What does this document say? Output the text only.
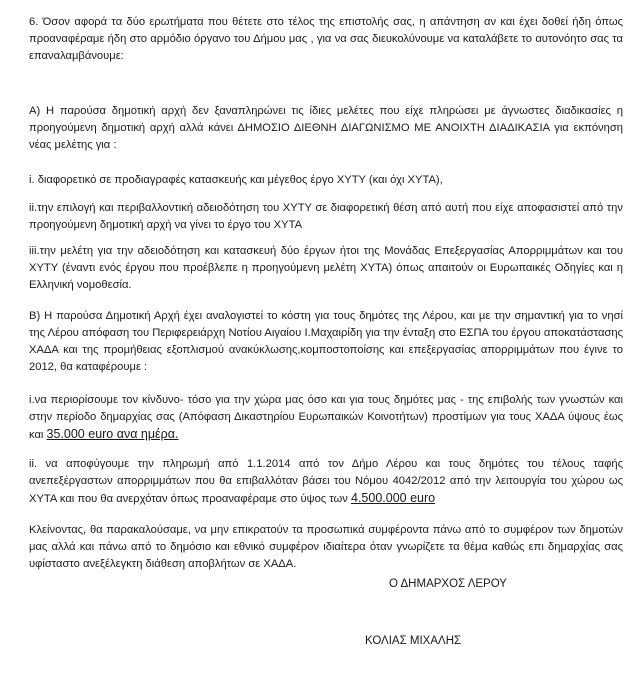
6. Όσον αφορά τα δύο ερωτήματα που θέτετε στο τέλος της επιστολής σας, η απάντηση αν και έχει δοθεί ήδη όπως προαναφέραμε ήδη στο αρμόδιο όργανο του Δήμου μας , για να σας διευκολύνουμε να καταλάβετε το αυτονόητο σας τα επαναλαμβάνουμε:

A) Η παρούσα δημοτική αρχή δεν ξαναπληρώνει τις ίδιες μελέτες που είχε πληρώσει με άγνωστες διαδικασίες η προηγούμενη δημοτική αρχή αλλά κάνει ΔΗΜΟΣΙΟ ΔΙΕΘΝΗ ΔΙΑΓΩΝΙΣΜΟ ΜΕ ΑΝΟΙΧΤΗ ΔΙΑΔΙΚΑΣΙΑ για εκπόνηση νέας μελέτης για :

i. διαφορετικό σε προδιαγραφές κατασκευής και μέγεθος έργο ΧΥΤΥ (και όχι ΧΥΤΑ),

ii.την επιλογή και περιβαλλοντική αδειοδότηση του ΧΥΤΥ σε διαφορετική θέση από αυτή που είχε αποφασιστεί από την προηγούμενη δημοτική αρχή να γίνει το έργο του ΧΥΤΑ

iii.την μελέτη για την αδειοδότηση και κατασκευή δύο έργων ήτοι της Μονάδας Επεξεργασίας Απορριμμάτων και του ΧΥΤΥ (έναντι ενός έργου που προέβλεπε η προηγούμενη μελέτη ΧΥΤΑ) όπως απαιτούν οι Ευρωπαικές Οδηγίες και η Ελληνική νομοθεσία.

B) Η παρούσα Δημοτική Αρχή έχει αναλογιστεί το κόστη για τους δημότες της Λέρου, και με την σημαντική για το νησί της Λέρου απόφαση του Περιφερειάρχη Νοτίου Αιγαίου Ι.Μαχαιρίδη για την ένταξη στο ΕΣΠΑ του έργου αποκατάστασης ΧΑΔΑ και της προμήθειας εξοπλισμού ανακύκλωσης,κομποστοποίσης και επεξεργασίας απορριμμάτων που έγινε το 2012, θα καταφέρουμε :

i.να περιορίσουμε τον κίνδυνο- τόσο για την χώρα μας όσο και για τους δημότες μας - της επιβολής των γνωστών και στην περίοδο δημαρχίας σας (Απόφαση Δικαστηρίου Ευρωπαικών Κοινοτήτων) προστίμων για τους ΧΑΔΑ ύψους έως και 35.000 euro ανα ημέρα.

ii. να αποφύγουμε την πληρωμή από 1.1.2014 από τον Δήμο Λέρου και τους δημότες του τέλους ταφής ανεπεξέργαστων απορριμμάτων που θα επιβαλλόταν βάσει του Νόμου 4042/2012 από την λειτουργία του χώρου ως ΧΥΤΑ και που θα ανερχόταν όπως προαναφέραμε στο ύψος των 4.500.000 euro

Κλείνοντας, θα παρακαλούσαμε, να μην επικρατούν τα προσωπικά συμφέροντα πάνω από το συμφέρον των δημοτών μας αλλά και πάνω από το δημόσιο και εθνικό συμφέρον ιδιαίτερα όταν γνωρίζετε τα θέμα καθώς επι δημαρχίας σας υφίσταστο ανεξέλεγκτη διάθεση αποβλήτων σε ΧΑΔΑ.

Ο ΔΗΜΑΡΧΟΣ ΛΕΡΟΥ
ΚΟΛΙΑΣ ΜΙΧΑΛΗΣ
